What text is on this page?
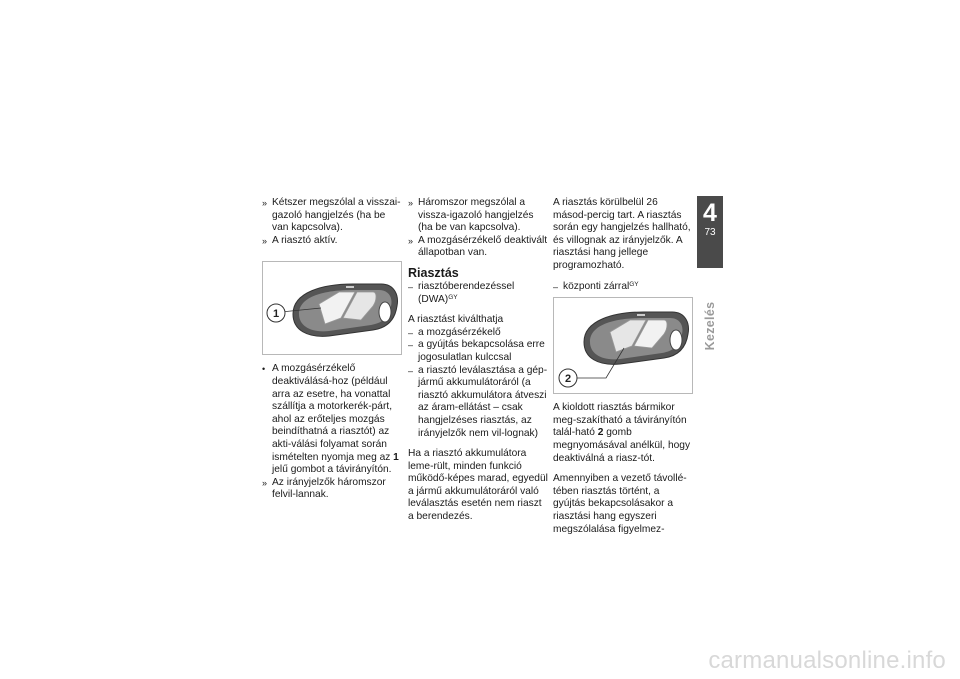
» Kétszer megszólal a visszai-gazoló hangjelzés (ha be van kapcsolva).

» A riasztó aktív.

1
• A mozgásérzékelő deaktiválásá-hoz (például arra az esetre, ha vonattal szállítja a motorkerék-párt, ahol az erőteljes mozgás beindíthatná a riasztót) az akti-válási folyamat során ismételten nyomja meg az 1 jelű gombot a távirányítón.

» Az irányjelzők háromszor felvil-lannak.

» Háromszor megszólal a vissza-igazoló hangjelzés (ha be van kapcsolva).

» A mozgásérzékelő deaktivált állapotban van.

Riasztás
– riasztóberendezéssel (DWA)$^{GY}$

A riasztást kiválthatja

– a mozgásérzékelő

– a gyújtás bekapcsolása erre jogosulatlan kulccsal

– a riasztó leválasztása a gép-jármű akkumulátoráról (a riasztó akkumulátora átveszi az áram-ellátást – csak hangjelzéses riasztás, az irányjelzők nem vil-lognak)

Ha a riasztó akkumulátora leme-rült, minden funkció működő-képes marad, egyedül a jármű akkumulátoráról való leválasztás esetén nem riaszt a berendezés.

A riasztás körülbelül 26 másod-percig tart. A riasztás során egy hangjelzés hallható, és villognak az irányjelzők. A riasztási hang jellege programozható.

– központi zárral$^{GY}$

2

A kioldott riasztás bármikor meg-szakítható a távirányítón talál-ható 2 gomb megnyomásával anélkül, hogy deaktiválná a riasz-tót.

Amennyiben a vezető távollé-tében riasztás történt, a gyújtás bekapcsolásakor a riasztási hang egyszeri megszólalása figyelmez-

4
73
Kezelés
carmanualsonline.info
